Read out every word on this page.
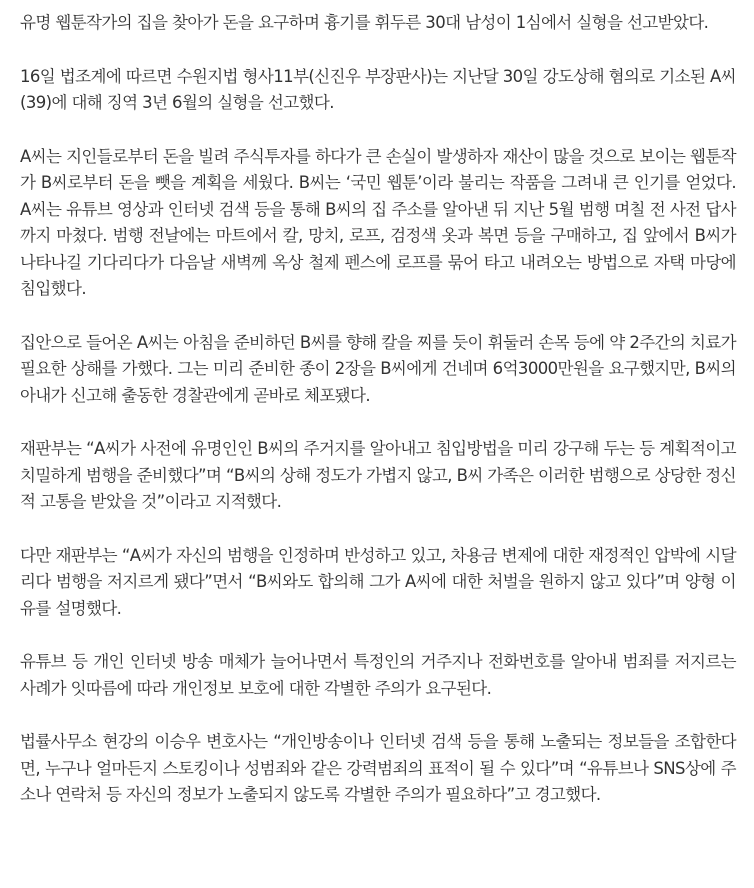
유명 웹툰작가의 집을 찾아가 돈을 요구하며 흉기를 휘두른 30대 남성이 1심에서 실형을 선고받았다.

16일 법조계에 따르면 수원지법 형사11부(신진우 부장판사)는 지난달 30일 강도상해 혐의로 기소된 A씨(39)에 대해 징역 3년 6월의 실형을 선고했다.

A씨는 지인들로부터 돈을 빌려 주식투자를 하다가 큰 손실이 발생하자 재산이 많을 것으로 보이는 웹툰작가 B씨로부터 돈을 뺏을 계획을 세웠다. B씨는 ‘국민 웹툰’이라 불리는 작품을 그려내 큰 인기를 얻었다. A씨는 유튜브 영상과 인터넷 검색 등을 통해 B씨의 집 주소를 알아낸 뒤 지난 5월 범행 며칠 전 사전 답사까지 마쳤다. 범행 전날에는 마트에서 칼, 망치, 로프, 검정색 옷과 복면 등을 구매하고, 집 앞에서 B씨가 나타나길 기다리다가 다음날 새벽께 옥상 철제 펜스에 로프를 묶어 타고 내려오는 방법으로 자택 마당에 침입했다.

집안으로 들어온 A씨는 아침을 준비하던 B씨를 향해 칼을 찌를 듯이 휘둘러 손목 등에 약 2주간의 치료가 필요한 상해를 가했다. 그는 미리 준비한 종이 2장을 B씨에게 건네며 6억3000만원을 요구했지만, B씨의 아내가 신고해 출동한 경찰관에게 곧바로 체포됐다.

재판부는 “A씨가 사전에 유명인인 B씨의 주거지를 알아내고 침입방법을 미리 강구해 두는 등 계획적이고 치밀하게 범행을 준비했다”며 “B씨의 상해 정도가 가볍지 않고, B씨 가족은 이러한 범행으로 상당한 정신적 고통을 받았을 것”이라고 지적했다.

다만 재판부는 “A씨가 자신의 범행을 인정하며 반성하고 있고, 차용금 변제에 대한 재정적인 압박에 시달리다 범행을 저지르게 됐다”면서 “B씨와도 합의해 그가 A씨에 대한 처벌을 원하지 않고 있다”며 양형 이유를 설명했다.

유튜브 등 개인 인터넷 방송 매체가 늘어나면서 특정인의 거주지나 전화번호를 알아내 범죄를 저지르는 사례가 잇따름에 따라 개인정보 보호에 대한 각별한 주의가 요구된다.

법률사무소 현강의 이승우 변호사는 “개인방송이나 인터넷 검색 등을 통해 노출되는 정보들을 조합한다면, 누구나 얼마든지 스토킹이나 성범죄와 같은 강력범죄의 표적이 될 수 있다”며 “유튜브나 SNS상에 주소나 연락처 등 자신의 정보가 노출되지 않도록 각별한 주의가 필요하다”고 경고했다.
